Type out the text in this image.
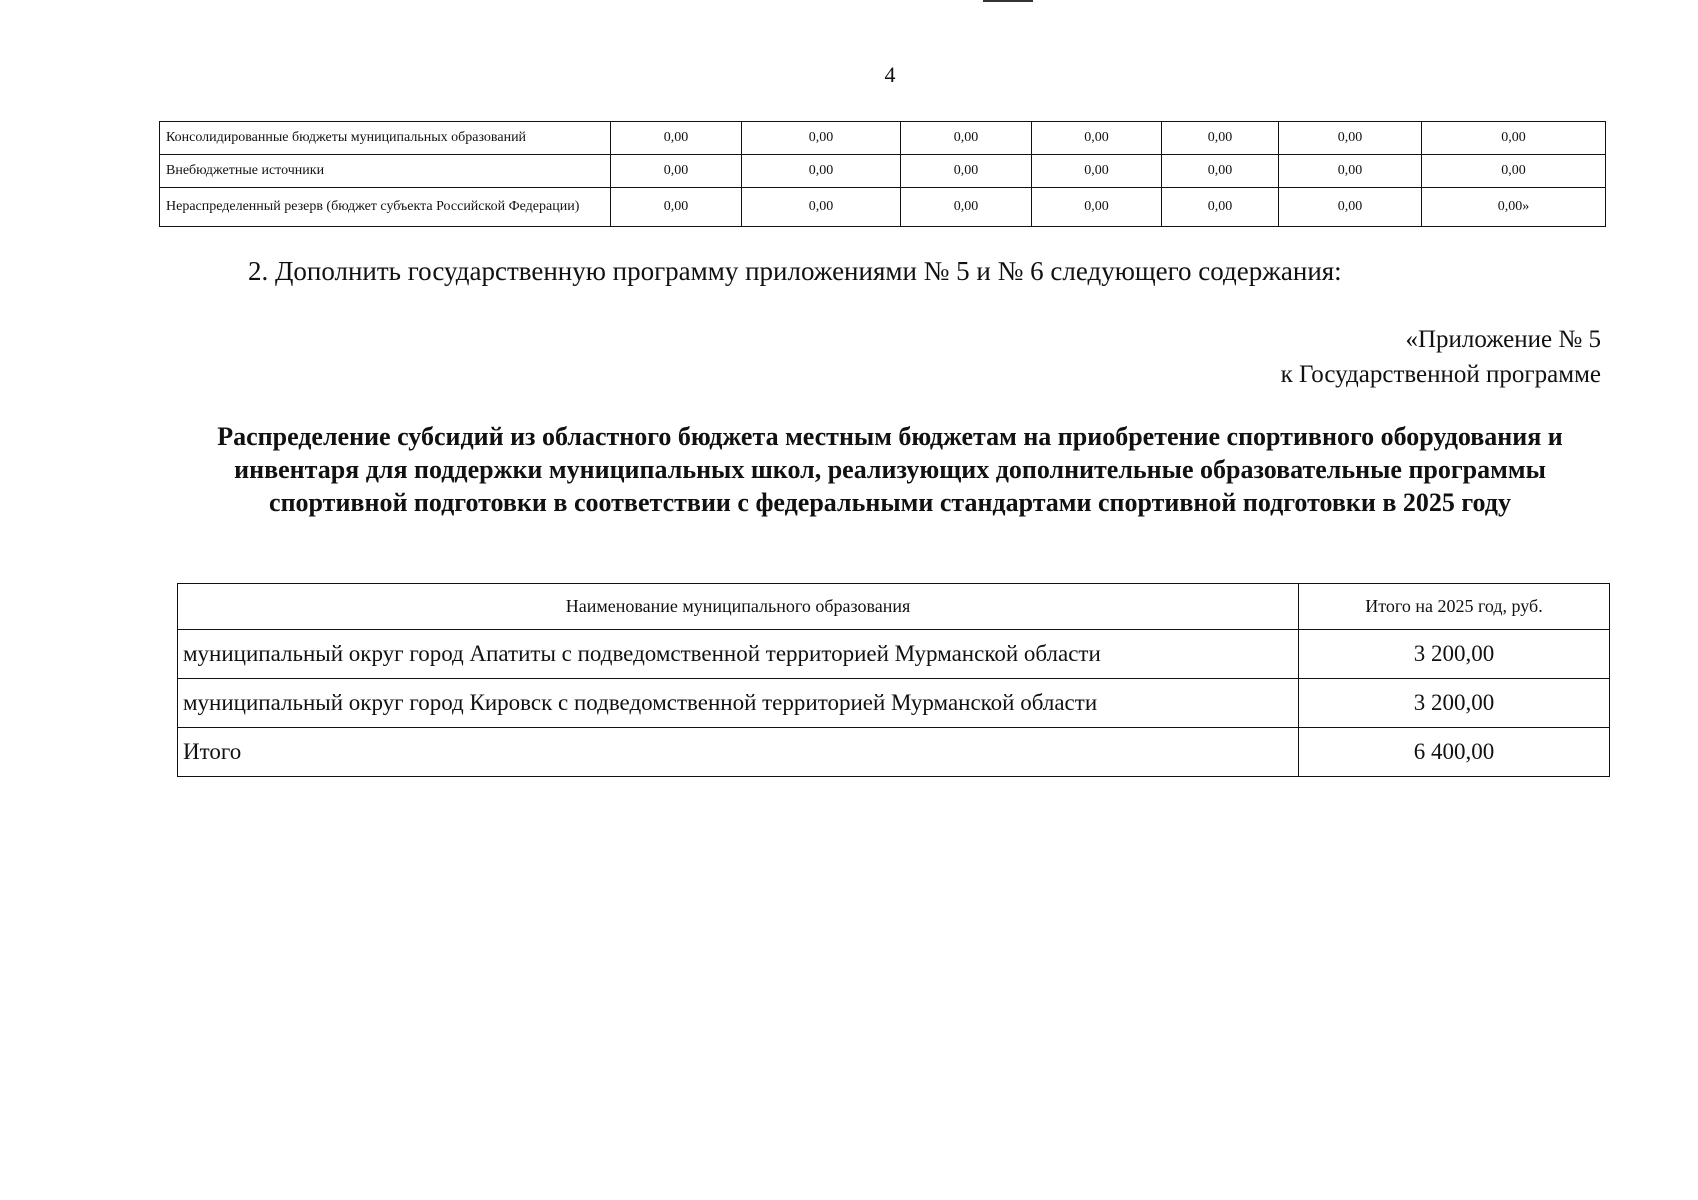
4
Консолидированные бюджеты муниципальных образований	0,00	0,00	0,00	0,00	0,00	0,00	0,00
Внебюджетные источники	0,00	0,00	0,00	0,00	0,00	0,00	0,00
Нераспределенный резерв (бюджет субъекта Российской Федерации)	0,00	0,00	0,00	0,00	0,00	0,00	0,00»
2. Дополнить государственную программу приложениями № 5 и № 6 следующего содержания:
«Приложение № 5
к Государственной программе
Распределение субсидий из областного бюджета местным бюджетам на приобретение спортивного оборудования и инвентаря для поддержки муниципальных школ, реализующих дополнительные образовательные программы спортивной подготовки в соответствии с федеральными стандартами спортивной подготовки в 2025 году
Наименование муниципального образования	Итого на 2025 год, руб.
муниципальный округ город Апатиты с подведомственной территорией Мурманской области	3 200,00
муниципальный округ город Кировск с подведомственной территорией Мурманской области	3 200,00
Итого	6 400,00
